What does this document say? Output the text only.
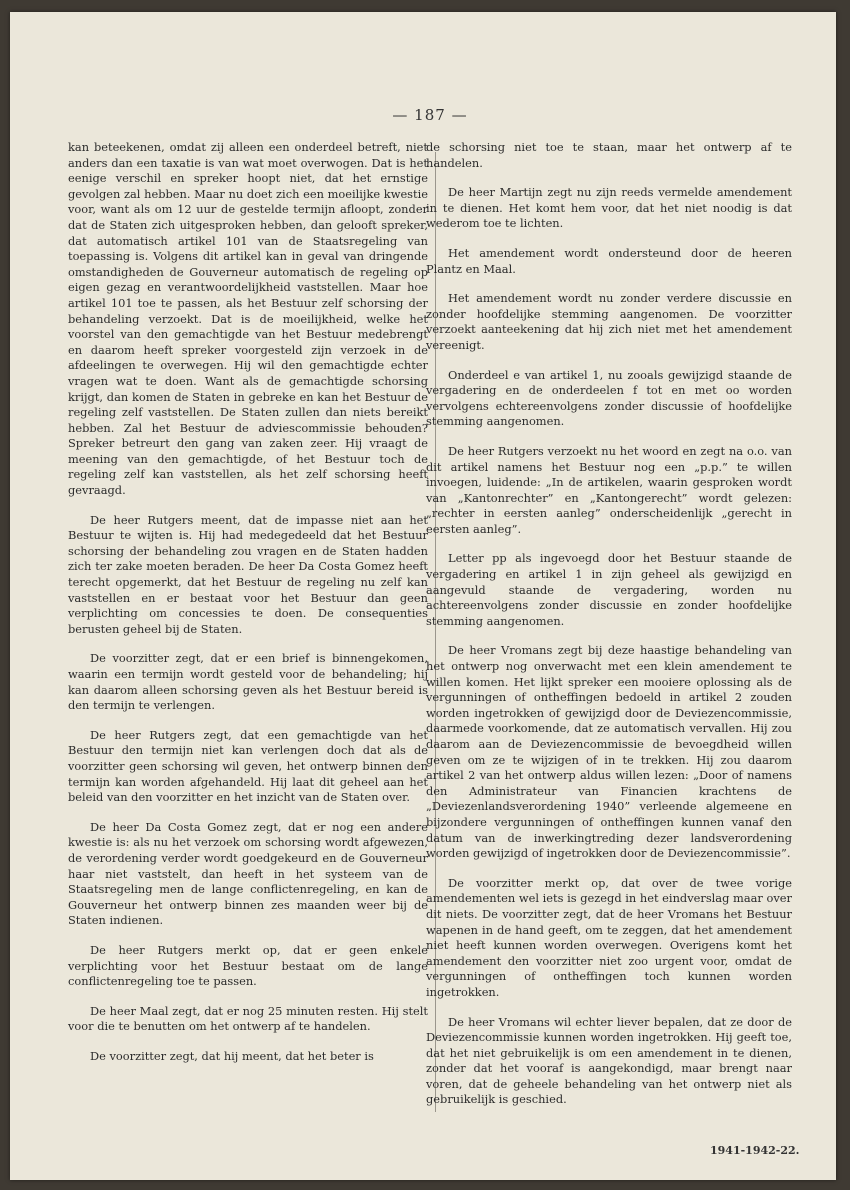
— 187 —

kan beteekenen, omdat zij alleen een onderdeel betreft, niet anders dan een taxatie is van wat moet overwogen. Dat is het eenige verschil en spreker hoopt niet, dat het ernstige gevolgen zal hebben. Maar nu doet zich een moeilijke kwestie voor, want als om 12 uur de gestelde termijn afloopt, zonder dat de Staten zich uitgesproken hebben, dan gelooft spreker, dat automatisch artikel 101 van de Staatsregeling van toepassing is. Volgens dit artikel kan in geval van dringende omstandigheden de Gouverneur automatisch de regeling op eigen gezag en verantwoordelijkheid vaststellen. Maar hoe artikel 101 toe te passen, als het Bestuur zelf schorsing der behandeling verzoekt. Dat is de moeilijkheid, welke het voorstel van den gemachtigde van het Bestuur medebrengt en daarom heeft spreker voorgesteld zijn verzoek in de afdeelingen te overwegen. Hij wil den gemachtigde echter vragen wat te doen. Want als de gemachtigde schorsing krijgt, dan komen de Staten in gebreke en kan het Bestuur de regeling zelf vaststellen. De Staten zullen dan niets bereikt hebben. Zal het Bestuur de adviescommissie behouden? Spreker betreurt den gang van zaken zeer. Hij vraagt de meening van den gemachtigde, of het Bestuur toch de regeling zelf kan vaststellen, als het zelf schorsing heeft gevraagd.

De heer Rutgers meent, dat de impasse niet aan het Bestuur te wijten is. Hij had medegedeeld dat het Bestuur schorsing der behandeling zou vragen en de Staten hadden zich ter zake moeten beraden. De heer Da Costa Gomez heeft terecht opgemerkt, dat het Bestuur de regeling nu zelf kan vaststellen en er bestaat voor het Bestuur dan geen verplichting om concessies te doen. De consequenties berusten geheel bij de Staten.

De voorzitter zegt, dat er een brief is binnengekomen, waarin een termijn wordt gesteld voor de behandeling; hij kan daarom alleen schorsing geven als het Bestuur bereid is den termijn te verlengen.

De heer Rutgers zegt, dat een gemachtigde van het Bestuur den termijn niet kan verlengen doch dat als de voorzitter geen schorsing wil geven, het ontwerp binnen den termijn kan worden afgehandeld. Hij laat dit geheel aan het beleid van den voorzitter en het inzicht van de Staten over.

De heer Da Costa Gomez zegt, dat er nog een andere kwestie is: als nu het verzoek om schorsing wordt afgewezen, de verordening verder wordt goedgekeurd en de Gouverneur haar niet vaststelt, dan heeft in het systeem van de Staatsregeling men de lange conflictenregeling, en kan de Gouverneur het ontwerp binnen zes maanden weer bij de Staten indienen.

De heer Rutgers merkt op, dat er geen enkele verplichting voor het Bestuur bestaat om de lange conflictenregeling toe te passen.

De heer Maal zegt, dat er nog 25 minuten resten. Hij stelt voor die te benutten om het ontwerp af te handelen.

De voorzitter zegt, dat hij meent, dat het beter is

de schorsing niet toe te staan, maar het ontwerp af te handelen.

De heer Martijn zegt nu zijn reeds vermelde amendement in te dienen. Het komt hem voor, dat het niet noodig is dat wederom toe te lichten.

Het amendement wordt ondersteund door de heeren Plantz en Maal.

Het amendement wordt nu zonder verdere discussie en zonder hoofdelijke stemming aangenomen. De voorzitter verzoekt aanteekening dat hij zich niet met het amendement vereenigt.

Onderdeel e van artikel 1, nu zooals gewijzigd staande de vergadering en de onderdeelen f tot en met oo worden vervolgens echtereenvolgens zonder discussie of hoofdelijke stemming aangenomen.

De heer Rutgers verzoekt nu het woord en zegt na o.o. van dit artikel namens het Bestuur nog een „p.p.” te willen invoegen, luidende: „In de artikelen, waarin gesproken wordt van „Kantonrechter” en „Kantongerecht” wordt gelezen: „rechter in eersten aanleg” onderscheidenlijk „gerecht in eersten aanleg”.

Letter pp als ingevoegd door het Bestuur staande de vergadering en artikel 1 in zijn geheel als gewijzigd en aangevuld staande de vergadering, worden nu achtereenvolgens zonder discussie en zonder hoofdelijke stemming aangenomen.

De heer Vromans zegt bij deze haastige behandeling van het ontwerp nog onverwacht met een klein amendement te willen komen. Het lijkt spreker een mooiere oplossing als de vergunningen of ontheffingen bedoeld in artikel 2 zouden worden ingetrokken of gewijzigd door de Deviezencommissie, daarmede voorkomende, dat ze automatisch vervallen. Hij zou daarom aan de Deviezencommissie de bevoegdheid willen geven om ze te wijzigen of in te trekken. Hij zou daarom artikel 2 van het ontwerp aldus willen lezen: „Door of namens den Administrateur van Financien krachtens de „Deviezenlandsverordening 1940” verleende algemeene en bijzondere vergunningen of ontheffingen kunnen vanaf den datum van de inwerkingtreding dezer landsverordening worden gewijzigd of ingetrokken door de Deviezencommissie”.

De voorzitter merkt op, dat over de twee vorige amendementen wel iets is gezegd in het eindverslag maar over dit niets. De voorzitter zegt, dat de heer Vromans het Bestuur wapenen in de hand geeft, om te zeggen, dat het amendement niet heeft kunnen worden overwegen. Overigens komt het amendement den voorzitter niet zoo urgent voor, omdat de vergunningen of ontheffingen toch kunnen worden ingetrokken.

De heer Vromans wil echter liever bepalen, dat ze door de Deviezencommissie kunnen worden ingetrokken. Hij geeft toe, dat het niet gebruikelijk is om een amendement in te dienen, zonder dat het vooraf is aangekondigd, maar brengt naar voren, dat de geheele behandeling van het ontwerp niet als gebruikelijk is geschied.

1941-1942-22.
